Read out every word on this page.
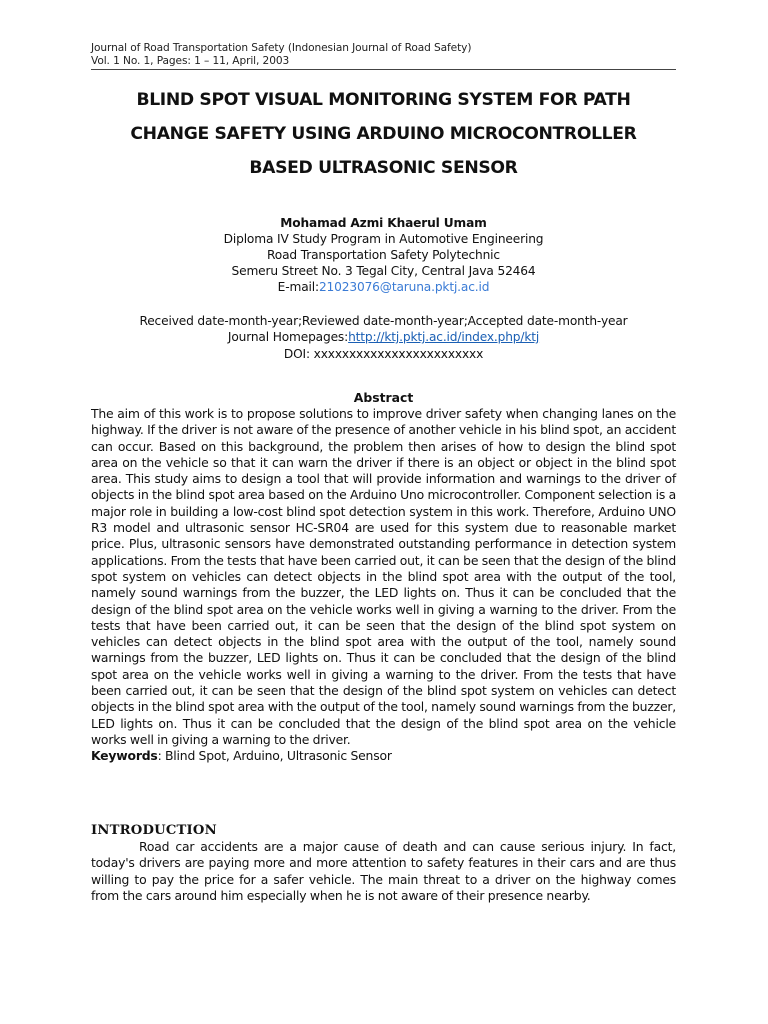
Journal of Road Transportation Safety (Indonesian Journal of Road Safety)
Vol. 1 No. 1, Pages: 1 – 11, April, 2003
BLIND SPOT VISUAL MONITORING SYSTEM FOR PATH
CHANGE SAFETY USING ARDUINO MICROCONTROLLER
BASED ULTRASONIC SENSOR
Mohamad Azmi Khaerul Umam
Diploma IV Study Program in Automotive Engineering
Road Transportation Safety Polytechnic
Semeru Street No. 3 Tegal City, Central Java 52464
E-mail:21023076@taruna.pktj.ac.id
Received date-month-year;Reviewed date-month-year;Accepted date-month-year
Journal Homepages:http://ktj.pktj.ac.id/index.php/ktj
DOI: xxxxxxxxxxxxxxxxxxxxxxxx
Abstract

The aim of this work is to propose solutions to improve driver safety when changing lanes on the highway. If the driver is not aware of the presence of another vehicle in his blind spot, an accident can occur. Based on this background, the problem then arises of how to design the blind spot area on the vehicle so that it can warn the driver if there is an object or object in the blind spot area. This study aims to design a tool that will provide information and warnings to the driver of objects in the blind spot area based on the Arduino Uno microcontroller. Component selection is a major role in building a low-cost blind spot detection system in this work. Therefore, Arduino UNO R3 model and ultrasonic sensor HC-SR04 are used for this system due to reasonable market price. Plus, ultrasonic sensors have demonstrated outstanding performance in detection system applications. From the tests that have been carried out, it can be seen that the design of the blind spot system on vehicles can detect objects in the blind spot area with the output of the tool, namely sound warnings from the buzzer, the LED lights on. Thus it can be concluded that the design of the blind spot area on the vehicle works well in giving a warning to the driver. From the tests that have been carried out, it can be seen that the design of the blind spot system on vehicles can detect objects in the blind spot area with the output of the tool, namely sound warnings from the buzzer, LED lights on. Thus it can be concluded that the design of the blind spot area on the vehicle works well in giving a warning to the driver. From the tests that have been carried out, it can be seen that the design of the blind spot system on vehicles can detect objects in the blind spot area with the output of the tool, namely sound warnings from the buzzer, LED lights on. Thus it can be concluded that the design of the blind spot area on the vehicle works well in giving a warning to the driver.

Keywords: Blind Spot, Arduino, Ultrasonic Sensor

INTRODUCTION

Road car accidents are a major cause of death and can cause serious injury. In fact, today's drivers are paying more and more attention to safety features in their cars and are thus willing to pay the price for a safer vehicle. The main threat to a driver on the highway comes from the cars around him especially when he is not aware of their presence nearby.
